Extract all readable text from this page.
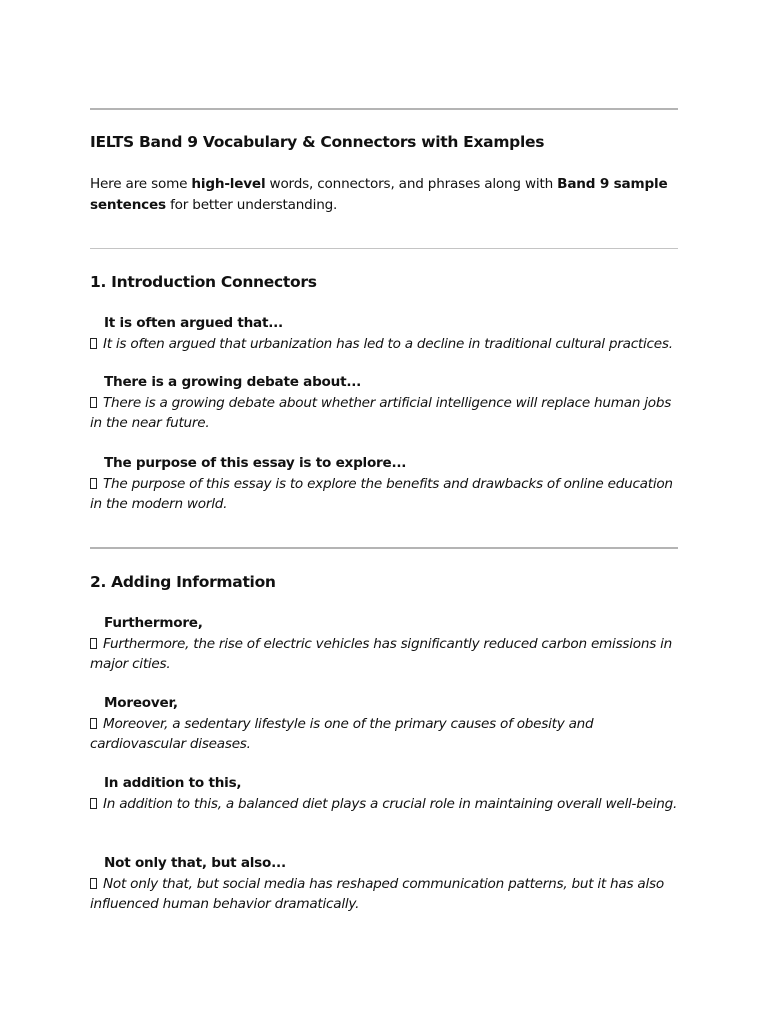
IELTS Band 9 Vocabulary & Connectors with Examples
Here are some high-level words, connectors, and phrases along with Band 9 sample sentences for better understanding.
1. Introduction Connectors
It is often argued that...
It is often argued that urbanization has led to a decline in traditional cultural practices.
There is a growing debate about...
There is a growing debate about whether artificial intelligence will replace human jobs in the near future.
The purpose of this essay is to explore...
The purpose of this essay is to explore the benefits and drawbacks of online education in the modern world.
2. Adding Information
Furthermore,
Furthermore, the rise of electric vehicles has significantly reduced carbon emissions in major cities.
Moreover,
Moreover, a sedentary lifestyle is one of the primary causes of obesity and cardiovascular diseases.
In addition to this,
In addition to this, a balanced diet plays a crucial role in maintaining overall well-being.
Not only that, but also...
Not only that, but social media has reshaped communication patterns, but it has also influenced human behavior dramatically.
